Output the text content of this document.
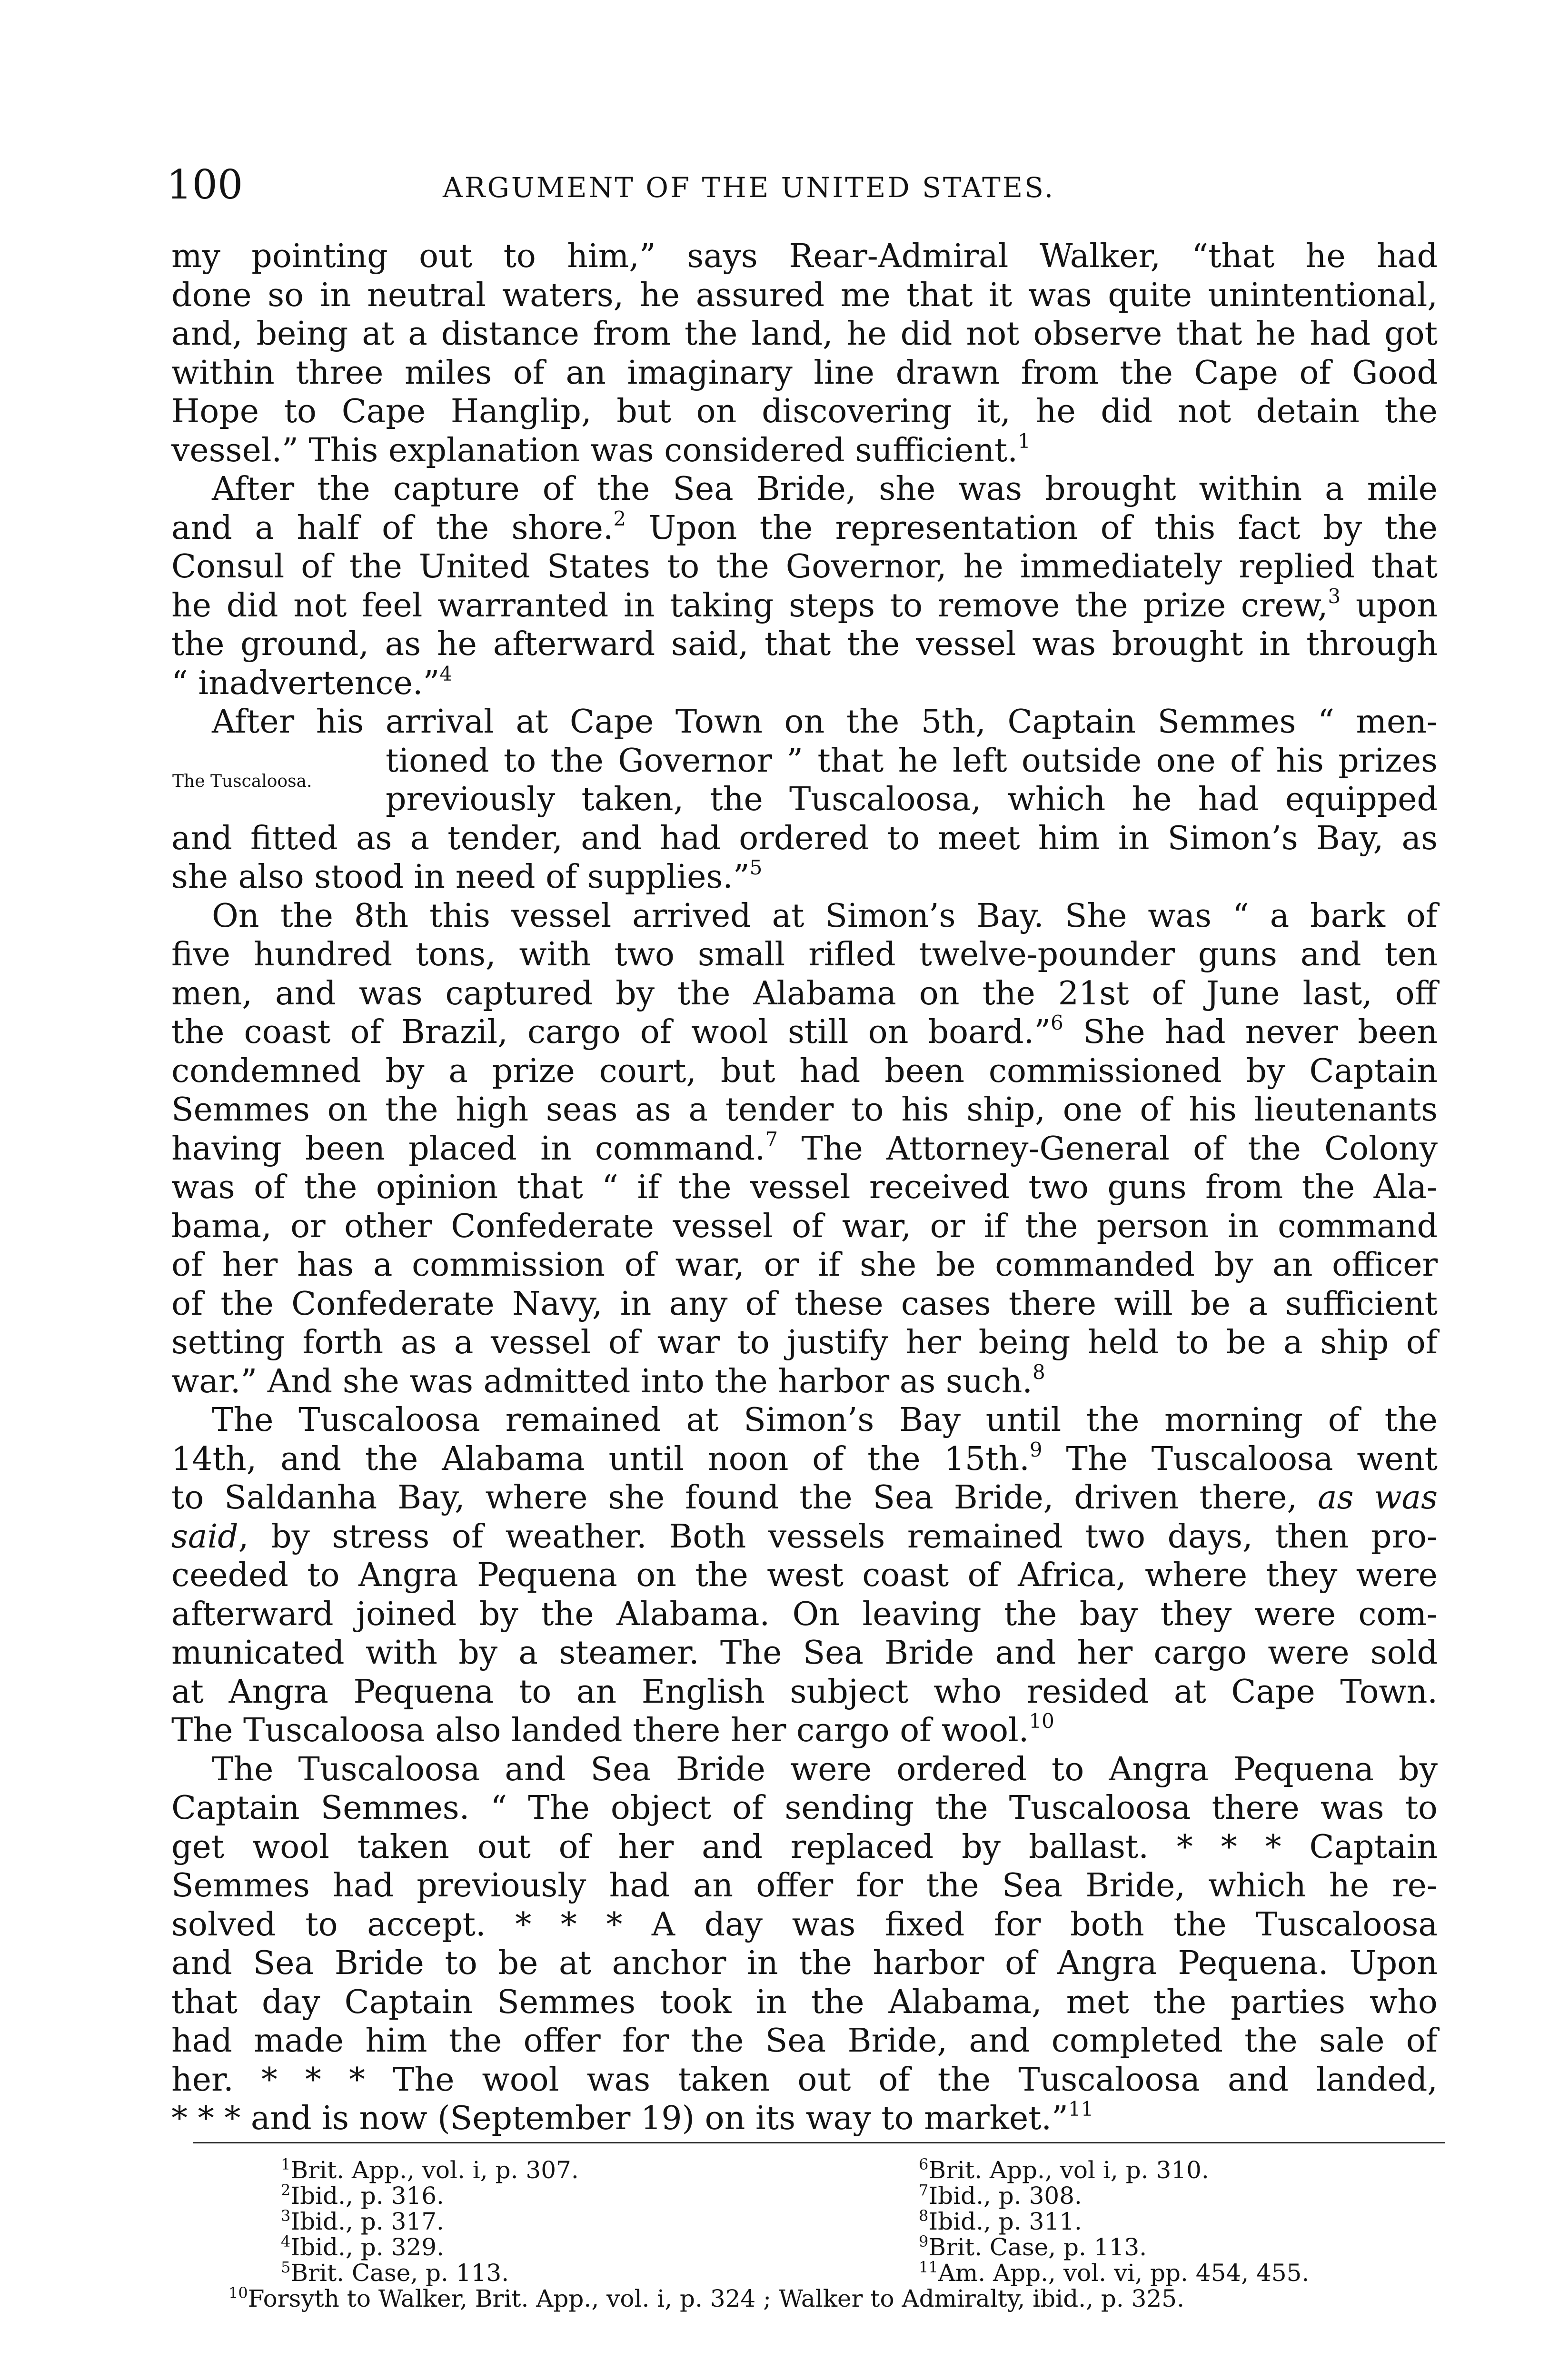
100	ARGUMENT OF THE UNITED STATES.
The Tuscaloosa.
my pointing out to him,” says Rear-Admiral Walker, “that he had
done so in neutral waters, he assured me that it was quite unintentional,
and, being at a distance from the land, he did not observe that he had got
within three miles of an imaginary line drawn from the Cape of Good
Hope to Cape Hanglip, but on discovering it, he did not detain the
vessel.” This explanation was considered sufficient.$^1$
After the capture of the Sea Bride, she was brought within a mile
and a half of the shore.$^2$ Upon the representation of this fact by the
Consul of the United States to the Governor, he immediately replied that
he did not feel warranted in taking steps to remove the prize crew,$^3$ upon
the ground, as he afterward said, that the vessel was brought in through
“ inadvertence.”$^4$
After his arrival at Cape Town on the 5th, Captain Semmes “ men-
tioned to the Governor ” that he left outside one of his prizes
previously taken, the Tuscaloosa, which he had equipped
and fitted as a tender, and had ordered to meet him in Simon’s Bay, as
she also stood in need of supplies.”$^5$
On the 8th this vessel arrived at Simon’s Bay. She was “ a bark of
five hundred tons, with two small rifled twelve-pounder guns and ten
men, and was captured by the Alabama on the 21st of June last, off
the coast of Brazil, cargo of wool still on board.”$^6$ She had never been
condemned by a prize court, but had been commissioned by Captain
Semmes on the high seas as a tender to his ship, one of his lieutenants
having been placed in command.$^7$ The Attorney-General of the Colony
was of the opinion that “ if the vessel received two guns from the Ala-
bama, or other Confederate vessel of war, or if the person in command
of her has a commission of war, or if she be commanded by an officer
of the Confederate Navy, in any of these cases there will be a sufficient
setting forth as a vessel of war to justify her being held to be a ship of
war.” And she was admitted into the harbor as such.$^8$
The Tuscaloosa remained at Simon’s Bay until the morning of the
14th, and the Alabama until noon of the 15th.$^9$ The Tuscaloosa went
to Saldanha Bay, where she found the Sea Bride, driven there, as was
said, by stress of weather. Both vessels remained two days, then pro-
ceeded to Angra Pequena on the west coast of Africa, where they were
afterward joined by the Alabama. On leaving the bay they were com-
municated with by a steamer. The Sea Bride and her cargo were sold
at Angra Pequena to an English subject who resided at Cape Town.
The Tuscaloosa also landed there her cargo of wool.$^{10}$
The Tuscaloosa and Sea Bride were ordered to Angra Pequena by
Captain Semmes. “ The object of sending the Tuscaloosa there was to
get wool taken out of her and replaced by ballast. * * * Captain
Semmes had previously had an offer for the Sea Bride, which he re-
solved to accept. * * * A day was fixed for both the Tuscaloosa
and Sea Bride to be at anchor in the harbor of Angra Pequena. Upon
that day Captain Semmes took in the Alabama, met the parties who
had made him the offer for the Sea Bride, and completed the sale of
her. * * * The wool was taken out of the Tuscaloosa and landed,
* * * and is now (September 19) on its way to market.”$^{11}$
$^1$Brit. App., vol. i, p. 307.
$^2$Ibid., p. 316.
$^3$Ibid., p. 317.
$^4$Ibid., p. 329.
$^5$Brit. Case, p. 113.
$^6$Brit. App., vol i, p. 310.
$^7$Ibid., p. 308.
$^8$Ibid., p. 311.
$^9$Brit. Case, p. 113.
$^{11}$Am. App., vol. vi, pp. 454, 455.
$^{10}$Forsyth to Walker, Brit. App., vol. i, p. 324 ; Walker to Admiralty, ibid., p. 325.
